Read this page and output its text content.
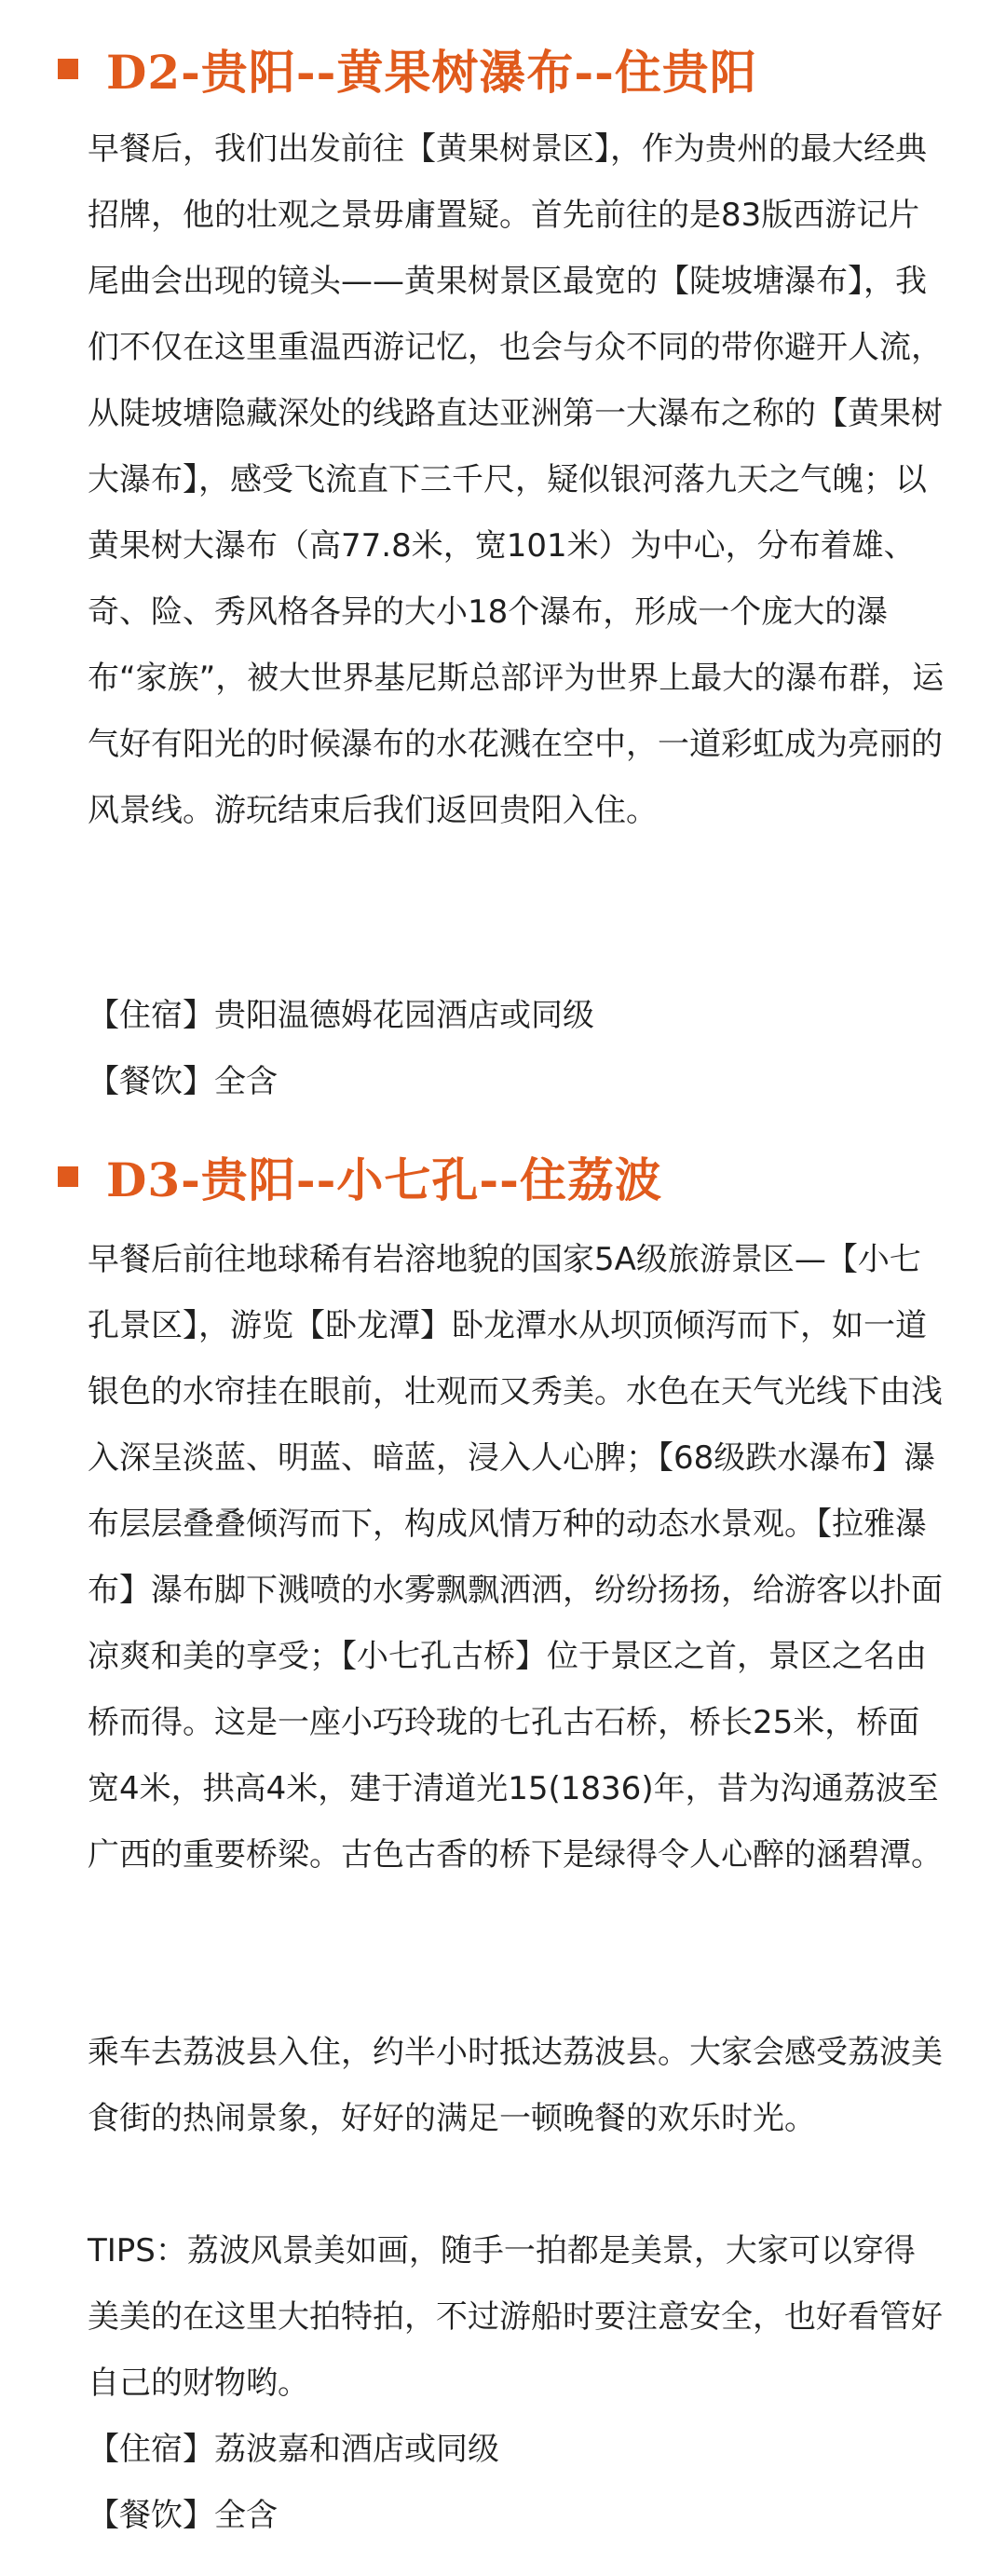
D2-贵阳--黄果树瀑布--住贵阳

早餐后，我们出发前往【黄果树景区】，作为贵州的最大经典招牌，他的壮观之景毋庸置疑。首先前往的是83版西游记片尾曲会出现的镜头——黄果树景区最宽的【陡坡塘瀑布】，我们不仅在这里重温西游记忆，也会与众不同的带你避开人流，从陡坡塘隐藏深处的线路直达亚洲第一大瀑布之称的【黄果树大瀑布】，感受飞流直下三千尺，疑似银河落九天之气魄；以黄果树大瀑布（高77.8米，宽101米）为中心，分布着雄、奇、险、秀风格各异的大小18个瀑布，形成一个庞大的瀑布“家族”，被大世界基尼斯总部评为世界上最大的瀑布群，运气好有阳光的时候瀑布的水花溅在空中，一道彩虹成为亮丽的风景线。游玩结束后我们返回贵阳入住。

【住宿】贵阳温德姆花园酒店或同级
【餐饮】全含
D3-贵阳--小七孔--住荔波

早餐后前往地球稀有岩溶地貌的国家5A级旅游景区—【小七孔景区】，游览【卧龙潭】卧龙潭水从坝顶倾泻而下，如一道银色的水帘挂在眼前，壮观而又秀美。水色在天气光线下由浅入深呈淡蓝、明蓝、暗蓝，浸入人心脾；【68级跌水瀑布】瀑布层层叠叠倾泻而下，构成风情万种的动态水景观。【拉雅瀑布】瀑布脚下溅喷的水雾飘飘洒洒，纷纷扬扬，给游客以扑面凉爽和美的享受；【小七孔古桥】位于景区之首，景区之名由桥而得。这是一座小巧玲珑的七孔古石桥，桥长25米，桥面宽4米，拱高4米，建于清道光15(1836)年，昔为沟通荔波至广西的重要桥梁。古色古香的桥下是绿得令人心醉的涵碧潭。

乘车去荔波县入住，约半小时抵达荔波县。大家会感受荔波美食街的热闹景象，好好的满足一顿晚餐的欢乐时光。

TIPS：荔波风景美如画，随手一拍都是美景，大家可以穿得美美的在这里大拍特拍，不过游船时要注意安全，也好看管好自己的财物哟。

【住宿】荔波嘉和酒店或同级
【餐饮】全含
